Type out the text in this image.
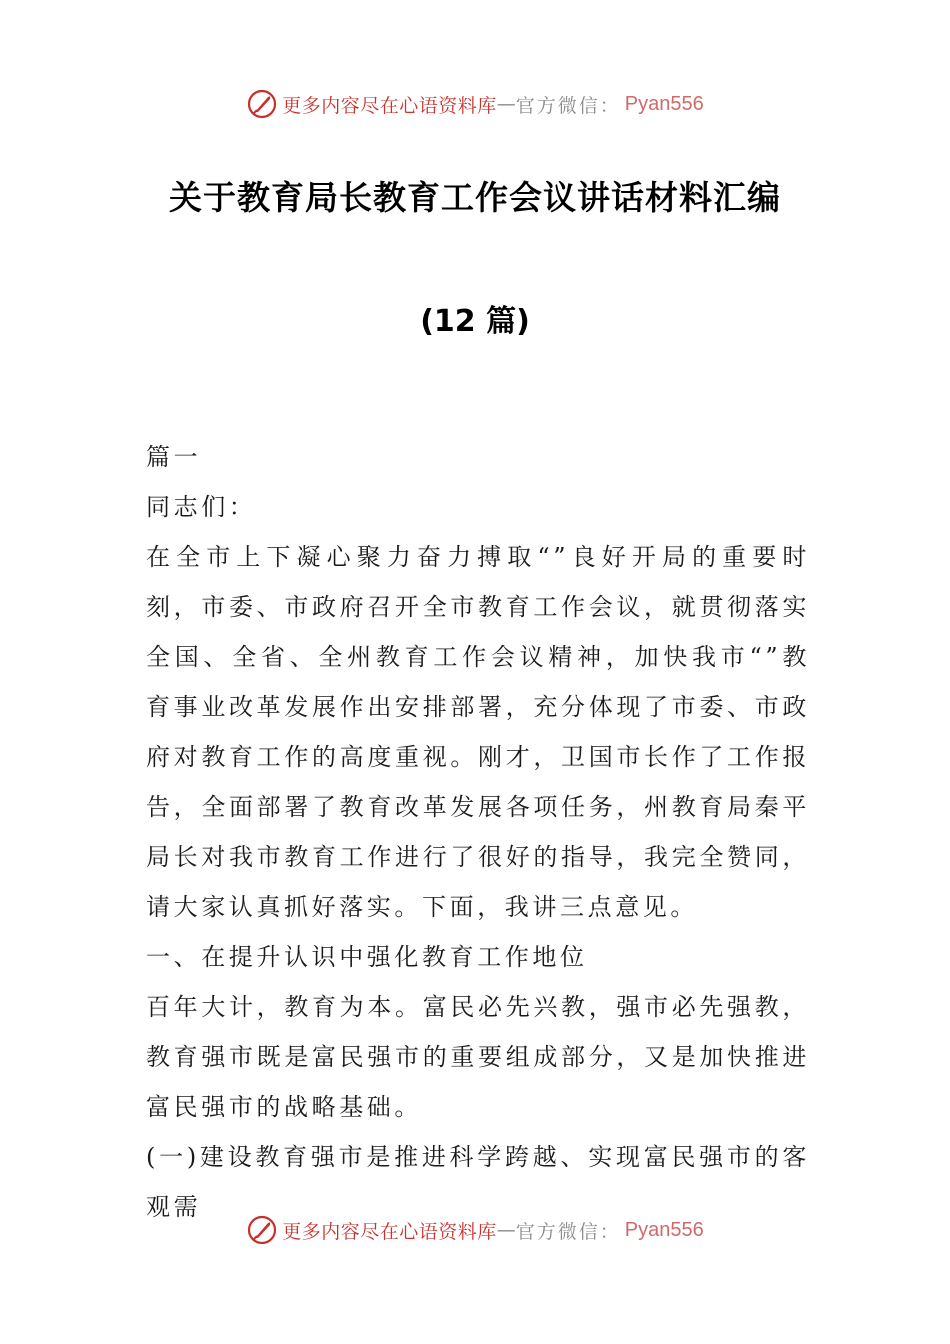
更多内容尽在心语资料库 — 官方微信： Pyan556
关于教育局长教育工作会议讲话材料汇编
(12 篇)

篇一

同志们：

在全市上下凝心聚力奋力搏取“”良好开局的重要时刻，市委、市政府召开全市教育工作会议，就贯彻落实全国、全省、全州教育工作会议精神，加快我市“”教育事业改革发展作出安排部署，充分体现了市委、市政府对教育工作的高度重视。刚才，卫国市长作了工作报告，全面部署了教育改革发展各项任务，州教育局秦平局长对我市教育工作进行了很好的指导，我完全赞同，请大家认真抓好落实。下面，我讲三点意见。

一、在提升认识中强化教育工作地位

百年大计，教育为本。富民必先兴教，强市必先强教，教育强市既是富民强市的重要组成部分，又是加快推进富民强市的战略基础。

(一)建设教育强市是推进科学跨越、实现富民强市的客观需

更多内容尽在心语资料库 — 官方微信： Pyan556
